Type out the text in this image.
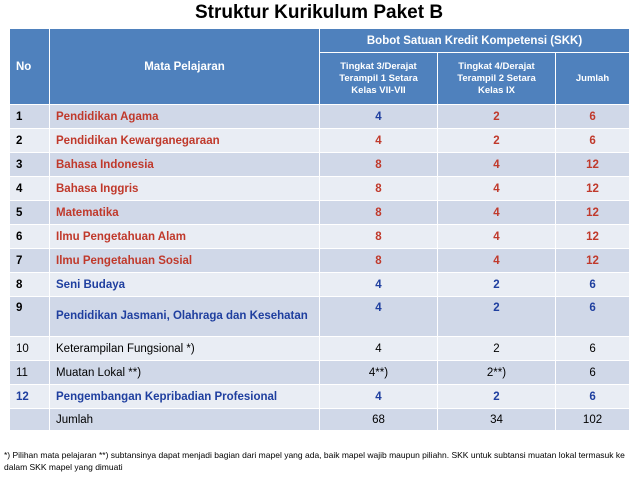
Struktur Kurikulum Paket B
No	Mata Pelajaran	Bobot Satuan Kredit Kompetensi (SKK)		
		Tingkat 3/Derajat Terampil 1 Setara Kelas VII-VII	Tingkat 4/Derajat Terampil 2 Setara Kelas IX	Jumlah
1	Pendidikan Agama	4	2	6
2	Pendidikan Kewarganegaraan	4	2	6
3	Bahasa Indonesia	8	4	12
4	Bahasa Inggris	8	4	12
5	Matematika	8	4	12
6	Ilmu Pengetahuan Alam	8	4	12
7	Ilmu Pengetahuan Sosial	8	4	12
8	Seni Budaya	4	2	6
9	Pendidikan Jasmani, Olahraga dan Kesehatan	4	2	6
10	Keterampilan Fungsional *)	4	2	6
11	Muatan Lokal **)	4**)	2**)	6
12	Pengembangan Kepribadian Profesional	4	2	6
	Jumlah	68	34	102
*) Pilihan mata pelajaran **) subtansinya dapat menjadi bagian dari mapel yang ada, baik mapel wajib maupun piliahn. SKK untuk subtansi muatan lokal termasuk ke dalam SKK mapel yang dimuati
